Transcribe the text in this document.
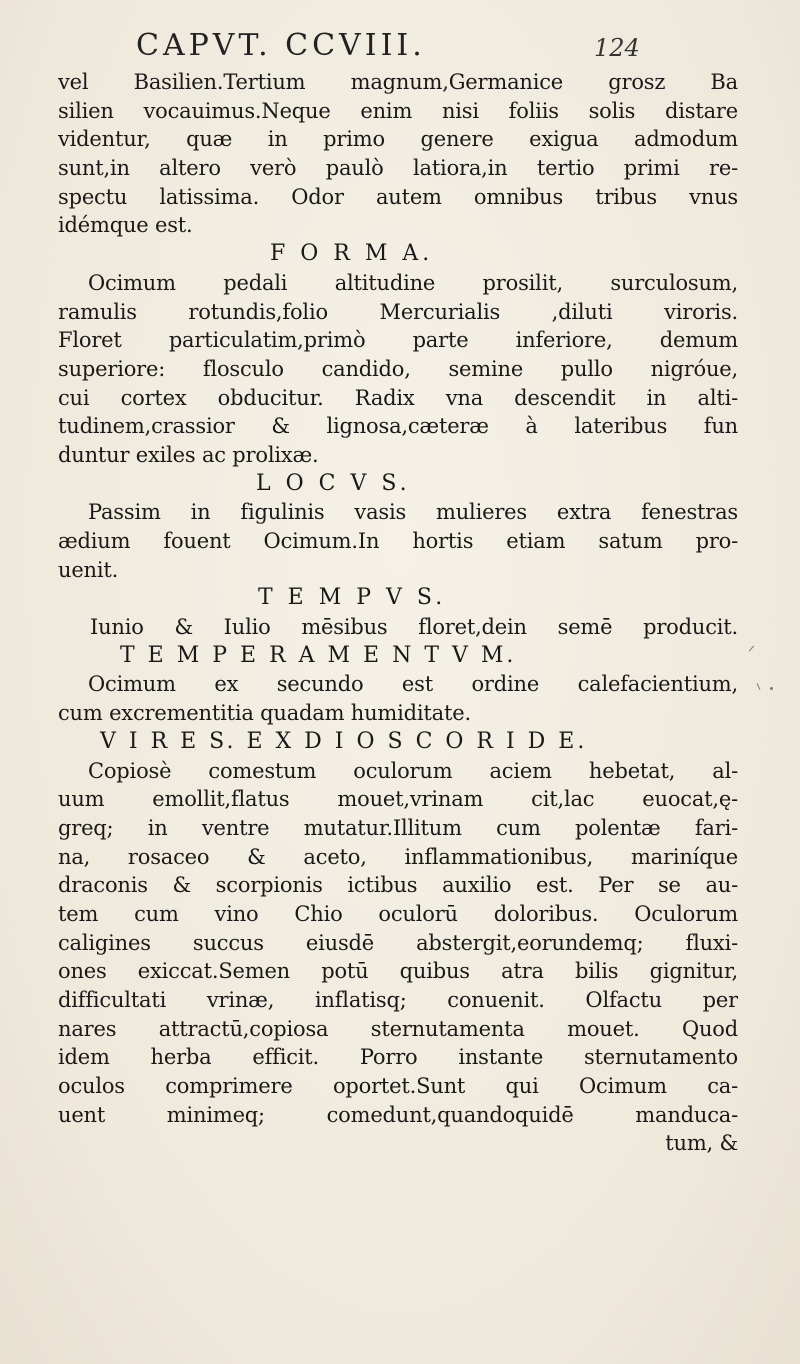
CAPVT. CCVIII.	124
vel Basilien.Tertium magnum,Germanice grosz Ba
silien vocauimus.Neque enim nisi foliis solis distare
videntur, quæ in primo genere exigua admodum
sunt,in altero verò paulò latiora,in tertio primi re-
spectu latissima. Odor autem omnibus tribus vnus
idémque est.
F O R M A.
Ocimum pedali altitudine prosilit, surculosum,
ramulis rotundis,folio Mercurialis ,diluti viroris.
Floret particulatim,primò parte inferiore, demum
superiore: flosculo candido, semine pullo nigróue,
cui cortex obducitur. Radix vna descendit in alti-
tudinem,crassior & lignosa,cæteræ à lateribus fun
duntur exiles ac prolixæ.
L O C V S.
Passim in figulinis vasis mulieres extra fenestras
ædium fouent Ocimum.In hortis etiam satum pro-
uenit.
T E M P V S.
Iunio & Iulio mēsibus floret,dein semē producit.
T E M P E R A M E N T V M.
Ocimum ex secundo est ordine calefacientium,
cum excrementitia quadam humiditate.
V I R E S. E X D I O S C O R I D E.
Copiosè comestum oculorum aciem hebetat, al-
uum emollit,flatus mouet,vrinam cit,lac euocat,ę-
greq; in ventre mutatur.Illitum cum polentæ fari-
na, rosaceo & aceto, inflammationibus, mariníque
draconis & scorpionis ictibus auxilio est. Per se au-
tem cum vino Chio oculorū doloribus. Oculorum
caligines succus eiusdē abstergit,eorundemq; fluxi-
ones exiccat.Semen potū quibus atra bilis gignitur,
difficultati vrinæ, inflatisq; conuenit. Olfactu per
nares attractū,copiosa sternutamenta mouet. Quod
idem herba efficit. Porro instante sternutamento
oculos comprimere oportet.Sunt qui Ocimum ca-
uent minimeq; comedunt,quandoquidē manduca-
tum, &
